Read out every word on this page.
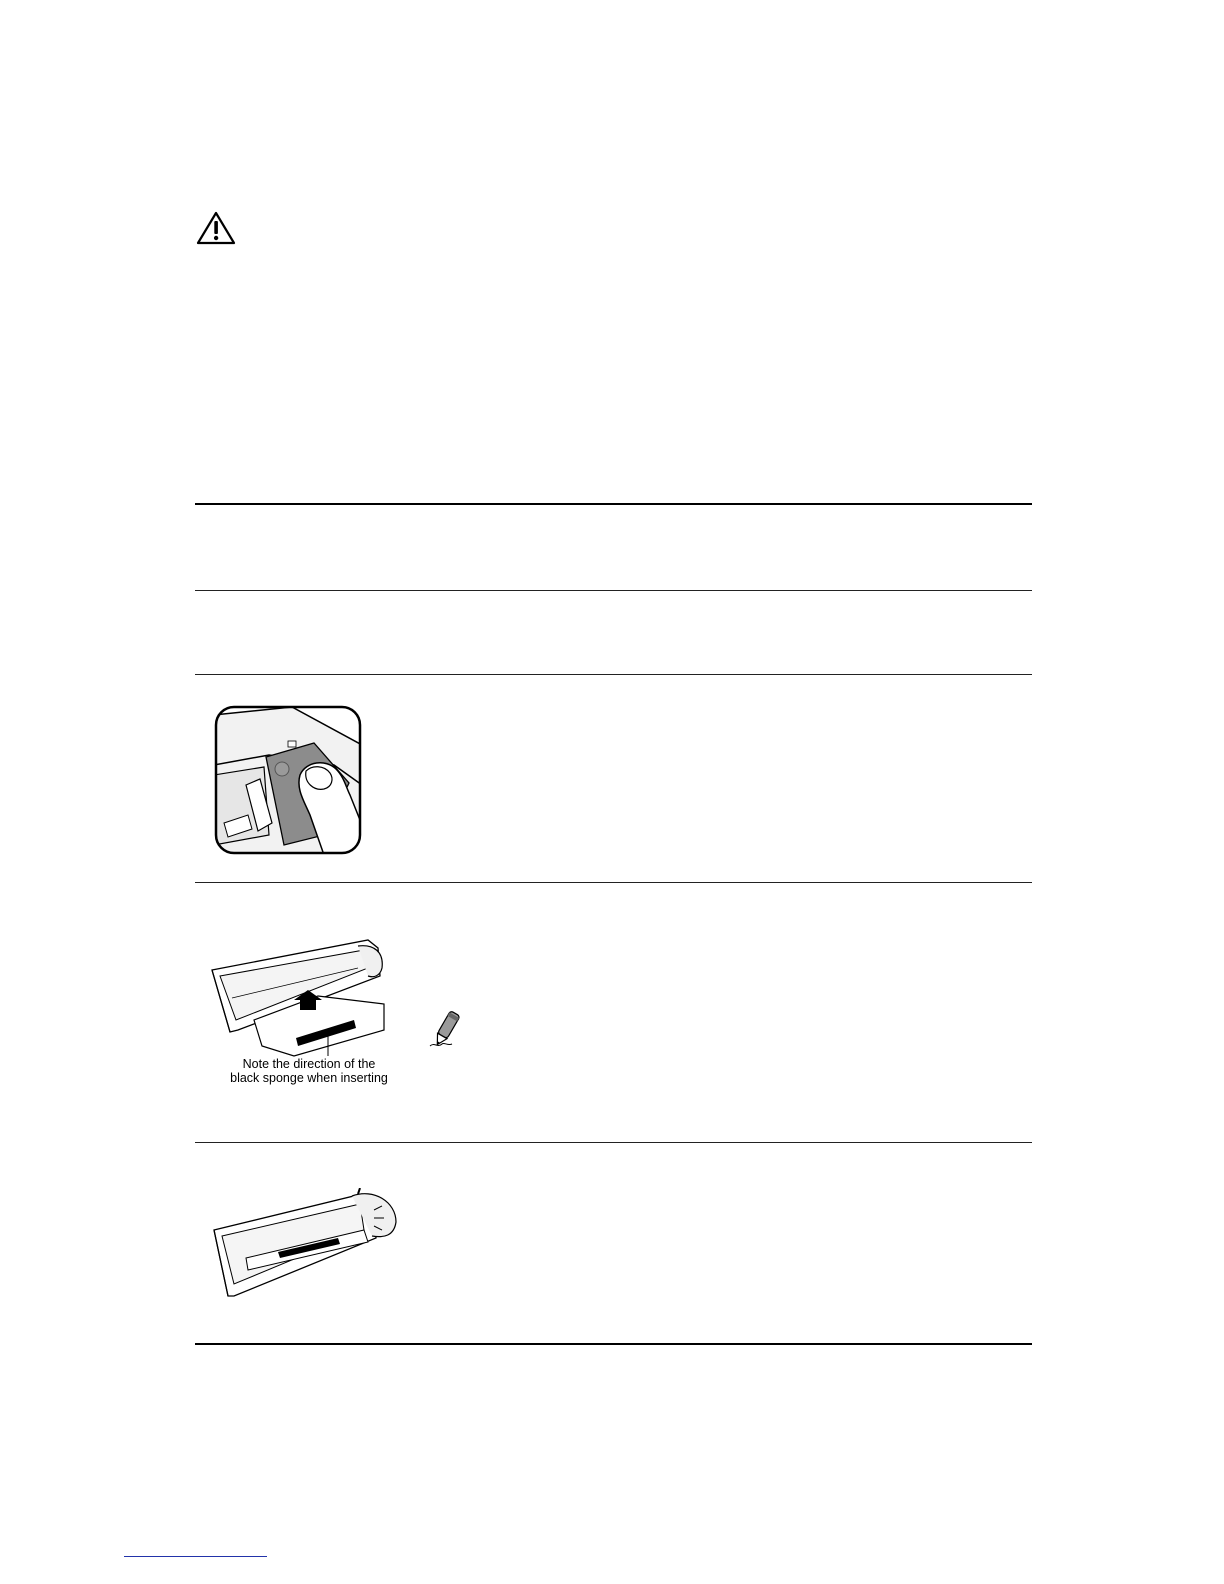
Note the direction of the
black sponge when inserting
